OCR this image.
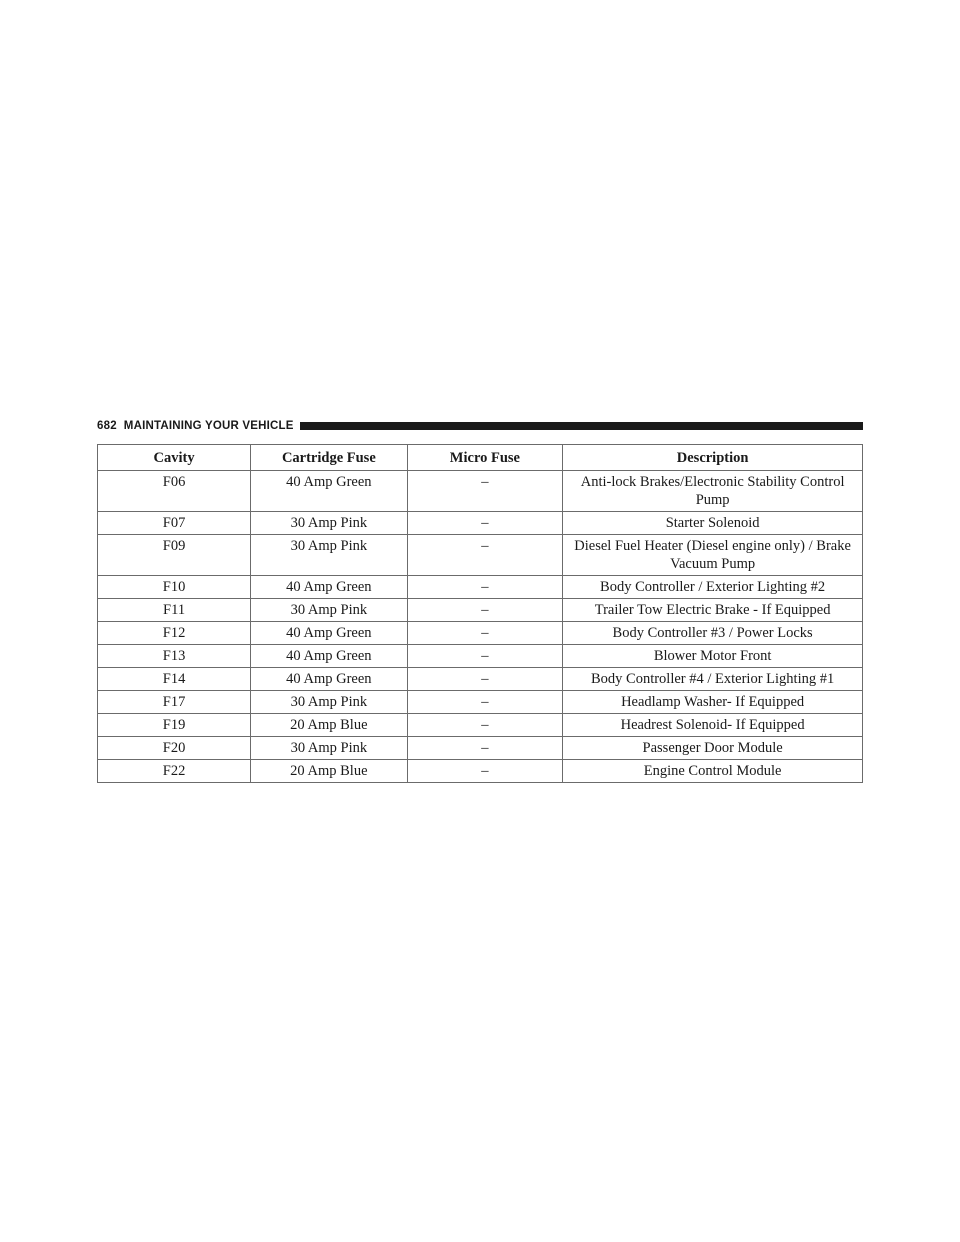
682 MAINTAINING YOUR VEHICLE
Cavity	Cartridge Fuse	Micro Fuse	Description
F06	40 Amp Green	–	Anti-lock Brakes/Electronic Stability Control Pump
F07	30 Amp Pink	–	Starter Solenoid
F09	30 Amp Pink	–	Diesel Fuel Heater (Diesel engine only) / Brake Vacuum Pump
F10	40 Amp Green	–	Body Controller / Exterior Lighting #2
F11	30 Amp Pink	–	Trailer Tow Electric Brake - If Equipped
F12	40 Amp Green	–	Body Controller #3 / Power Locks
F13	40 Amp Green	–	Blower Motor Front
F14	40 Amp Green	–	Body Controller #4 / Exterior Lighting #1
F17	30 Amp Pink	–	Headlamp Washer- If Equipped
F19	20 Amp Blue	–	Headrest Solenoid- If Equipped
F20	30 Amp Pink	–	Passenger Door Module
F22	20 Amp Blue	–	Engine Control Module
